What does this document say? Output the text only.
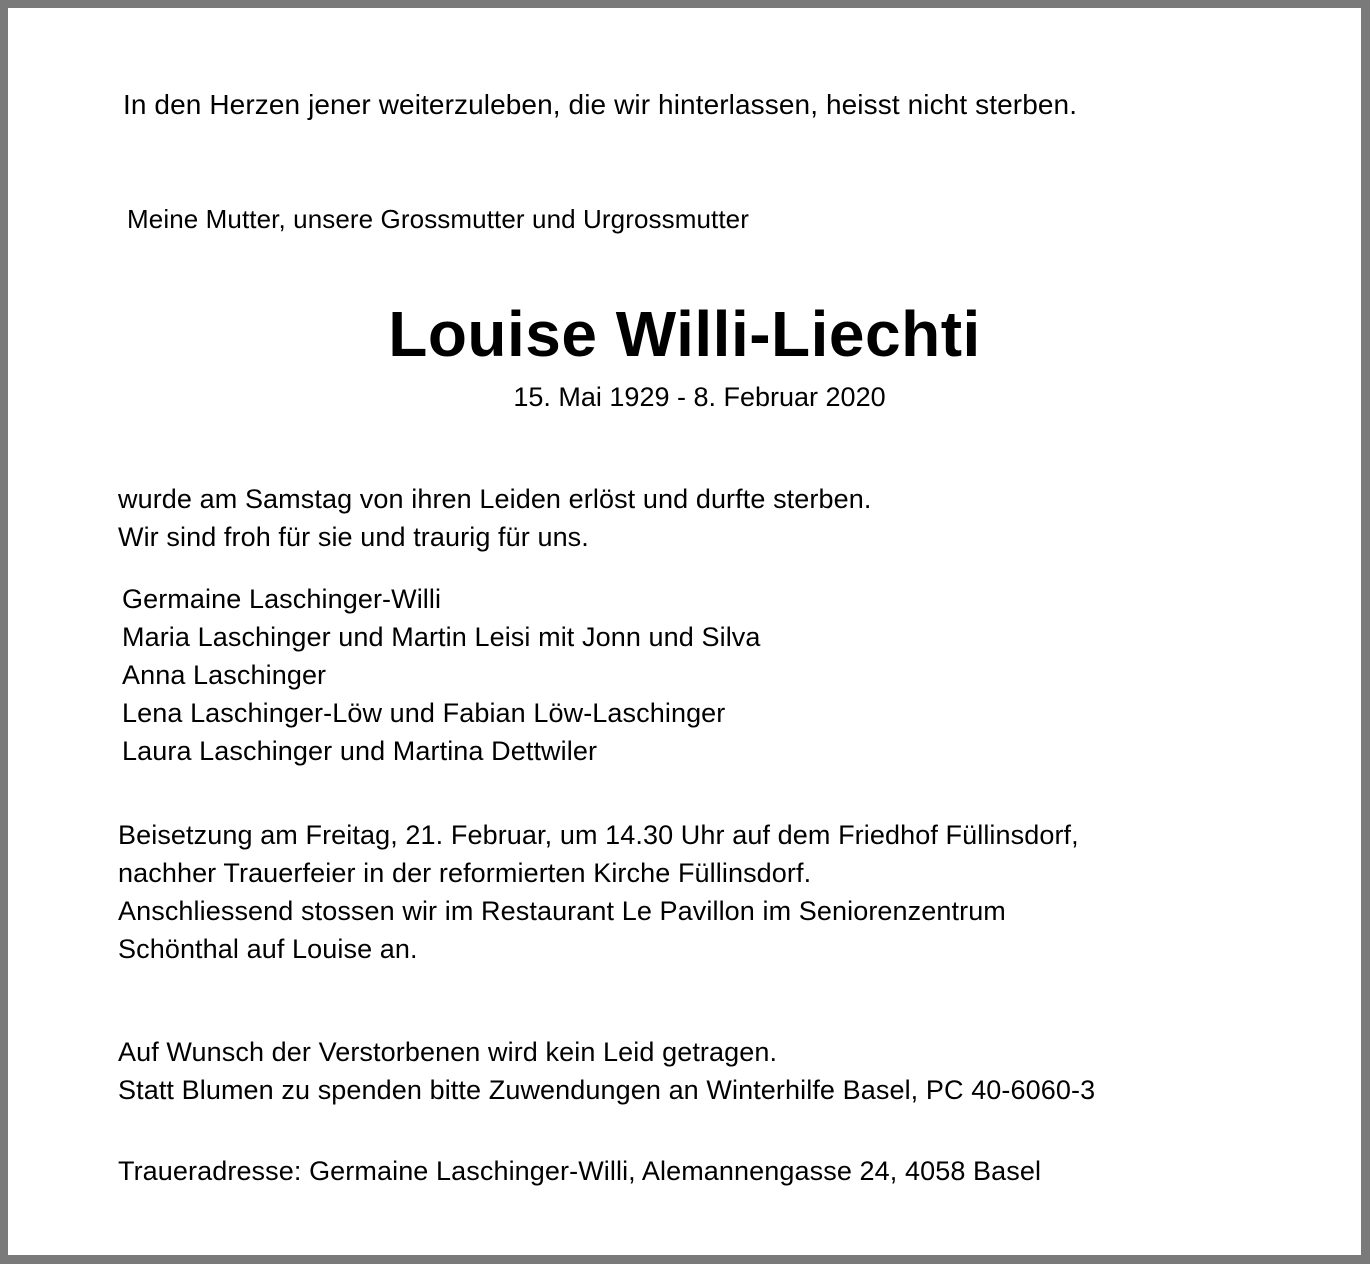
In den Herzen jener weiterzuleben, die wir hinterlassen, heisst nicht sterben.
Meine Mutter, unsere Grossmutter und Urgrossmutter
Louise Willi-Liechti
15. Mai 1929 - 8. Februar 2020
wurde am Samstag von ihren Leiden erlöst und durfte sterben.
Wir sind froh für sie und traurig für uns.
Germaine Laschinger-Willi
Maria Laschinger und Martin Leisi mit Jonn und Silva
Anna Laschinger
Lena Laschinger-Löw und Fabian Löw-Laschinger
Laura Laschinger und Martina Dettwiler
Beisetzung am Freitag, 21. Februar, um 14.30 Uhr auf dem Friedhof Füllinsdorf,
nachher Trauerfeier in der reformierten Kirche Füllinsdorf.
Anschliessend stossen wir im Restaurant Le Pavillon im Seniorenzentrum
Schönthal auf Louise an.
Auf Wunsch der Verstorbenen wird kein Leid getragen.
Statt Blumen zu spenden bitte Zuwendungen an Winterhilfe Basel, PC 40-6060-3
Traueradresse: Germaine Laschinger-Willi, Alemannengasse 24, 4058 Basel
